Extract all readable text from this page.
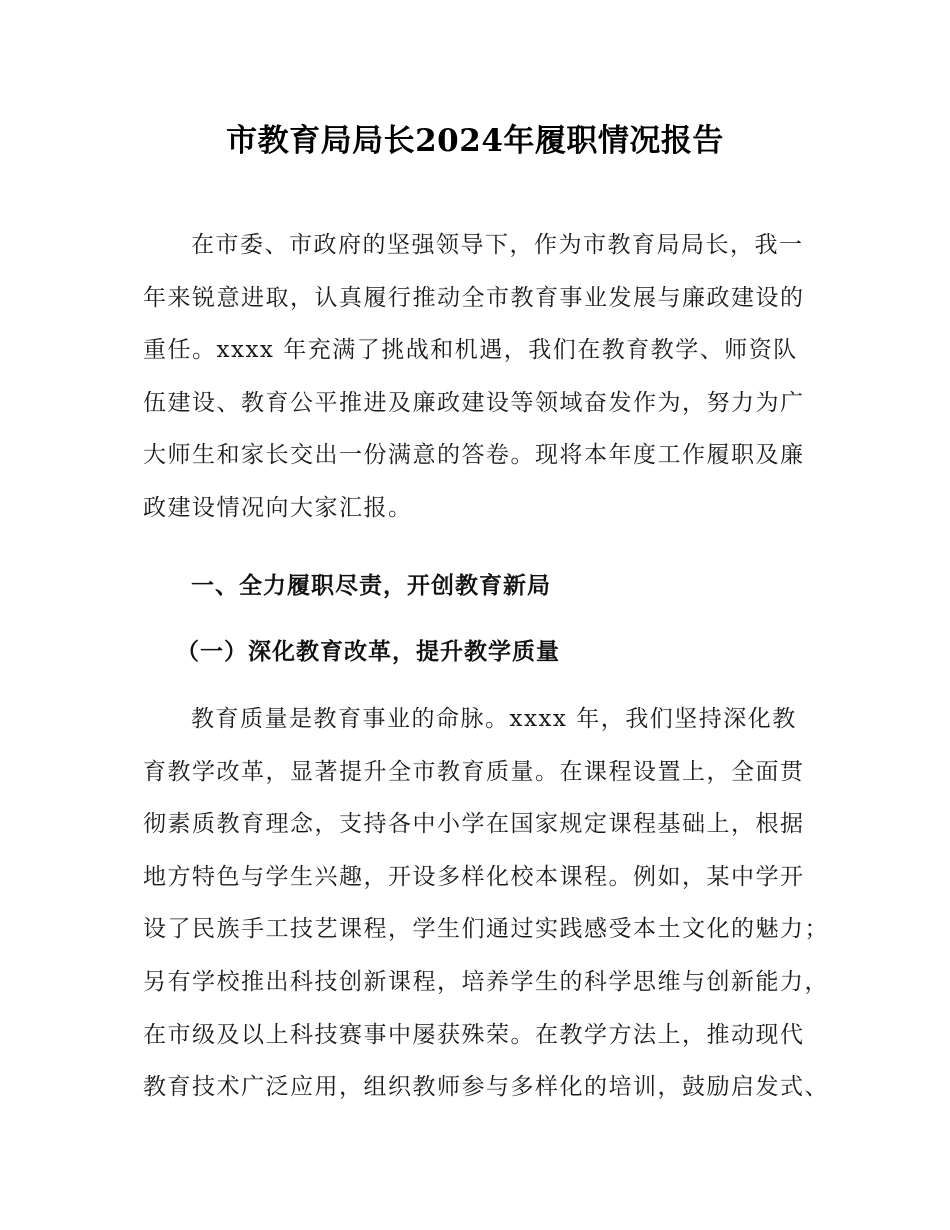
市教育局局长2024年履职情况报告
在市委、市政府的坚强领导下，作为市教育局局长，我一
年来锐意进取，认真履行推动全市教育事业发展与廉政建设的
重任。xxxx 年充满了挑战和机遇，我们在教育教学、师资队
伍建设、教育公平推进及廉政建设等领域奋发作为，努力为广
大师生和家长交出一份满意的答卷。现将本年度工作履职及廉
政建设情况向大家汇报。
一、全力履职尽责，开创教育新局
（一）深化教育改革，提升教学质量
教育质量是教育事业的命脉。xxxx 年，我们坚持深化教
育教学改革，显著提升全市教育质量。在课程设置上，全面贯
彻素质教育理念，支持各中小学在国家规定课程基础上，根据
地方特色与学生兴趣，开设多样化校本课程。例如，某中学开
设了民族手工技艺课程，学生们通过实践感受本土文化的魅力；
另有学校推出科技创新课程，培养学生的科学思维与创新能力，
在市级及以上科技赛事中屡获殊荣。在教学方法上，推动现代
教育技术广泛应用，组织教师参与多样化的培训，鼓励启发式、
